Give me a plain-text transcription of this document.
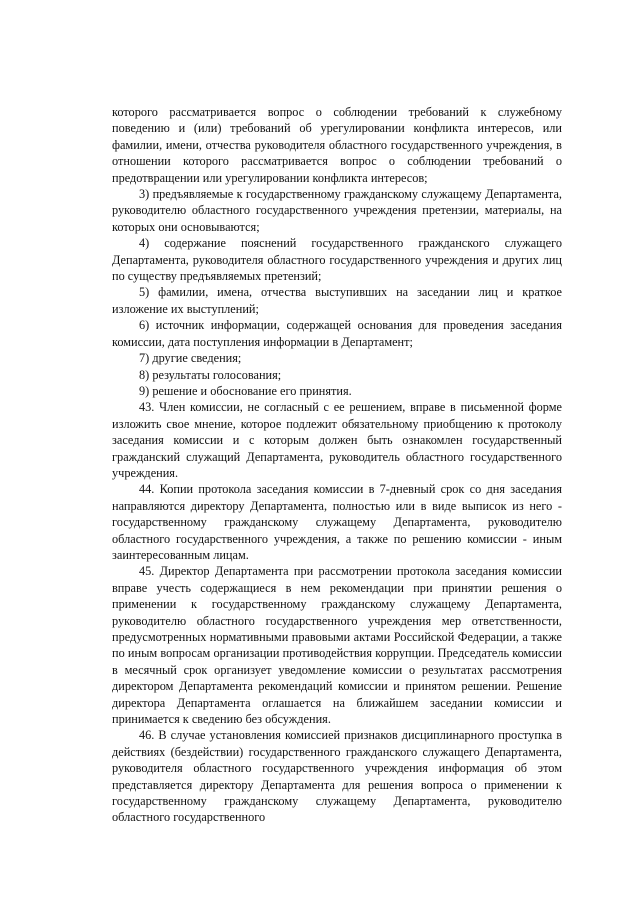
которого рассматривается вопрос о соблюдении требований к служебному поведению и (или) требований об урегулировании конфликта интересов, или фамилии, имени, отчества руководителя областного государственного учреждения, в отношении которого рассматривается вопрос о соблюдении требований о предотвращении или урегулировании конфликта интересов;

3) предъявляемые к государственному гражданскому служащему Департамента, руководителю областного государственного учреждения претензии, материалы, на которых они основываются;

4) содержание пояснений государственного гражданского служащего Департамента, руководителя областного государственного учреждения и других лиц по существу предъявляемых претензий;

5) фамилии, имена, отчества выступивших на заседании лиц и краткое изложение их выступлений;

6) источник информации, содержащей основания для проведения заседания комиссии, дата поступления информации в Департамент;

7) другие сведения;

8) результаты голосования;

9) решение и обоснование его принятия.

43. Член комиссии, не согласный с ее решением, вправе в письменной форме изложить свое мнение, которое подлежит обязательному приобщению к протоколу заседания комиссии и с которым должен быть ознакомлен государственный гражданский служащий Департамента, руководитель областного государственного учреждения.

44. Копии протокола заседания комиссии в 7-дневный срок со дня заседания направляются директору Департамента, полностью или в виде выписок из него - государственному гражданскому служащему Департамента, руководителю областного государственного учреждения, а также по решению комиссии - иным заинтересованным лицам.

45. Директор Департамента при рассмотрении протокола заседания комиссии вправе учесть содержащиеся в нем рекомендации при принятии решения о применении к государственному гражданскому служащему Департамента, руководителю областного государственного учреждения мер ответственности, предусмотренных нормативными правовыми актами Российской Федерации, а также по иным вопросам организации противодействия коррупции. Председатель комиссии в месячный срок организует уведомление комиссии о результатах рассмотрения директором Департамента рекомендаций комиссии и принятом решении. Решение директора Департамента оглашается на ближайшем заседании комиссии и принимается к сведению без обсуждения.

46. В случае установления комиссией признаков дисциплинарного проступка в действиях (бездействии) государственного гражданского служащего Департамента, руководителя областного государственного учреждения информация об этом представляется директору Департамента для решения вопроса о применении к государственному гражданскому служащему Департамента, руководителю областного государственного
